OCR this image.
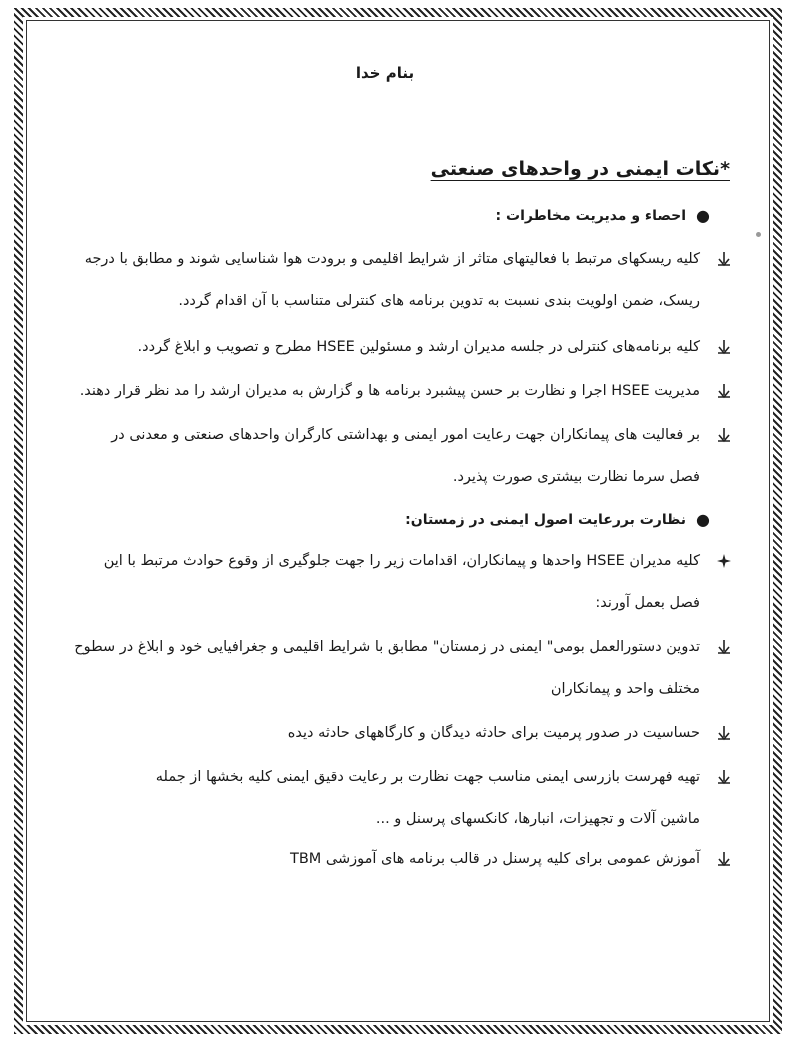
بنام خدا
*نکات ایمنی در واحدهای صنعتی
●
احصاء و مدیریت مخاطرات :

کلیه ریسکهای مرتبط با فعالیتهای متاثر از شرایط اقلیمی و برودت هوا شناسایی شوند و مطابق با درجه

ریسک، ضمن اولویت بندی نسبت به تدوین برنامه های کنترلی متناسب با آن اقدام گردد.

کلیه برنامه‌های کنترلی در جلسه مدیران ارشد و مسئولین HSEE مطرح و تصویب و ابلاغ گردد.

مدیریت HSEE اجرا و نظارت بر حسن پیشبرد برنامه ها و گزارش به مدیران ارشد را مد نظر قرار دهند.

بر فعالیت های پیمانکاران جهت رعایت امور ایمنی و بهداشتی کارگران واحدهای صنعتی و معدنی در

فصل سرما نظارت بیشتری صورت پذیرد.

●
نظارت بررعایت اصول ایمنی در زمستان:

کلیه مدیران HSEE واحدها و پیمانکاران، اقدامات زیر را جهت جلوگیری از وقوع حوادث مرتبط با این

فصل بعمل آورند:

تدوین دستورالعمل بومی" ایمنی در زمستان" مطابق با شرایط اقلیمی و جغرافیایی خود و ابلاغ در سطوح

مختلف واحد و پیمانکاران

حساسیت در صدور پرمیت برای حادثه دیدگان و کارگاههای حادثه دیده

تهیه فهرست بازرسی ایمنی مناسب جهت نظارت بر رعایت دقیق ایمنی کلیه بخشها از جمله

ماشین آلات و تجهیزات، انبارها، کانکسهای پرسنل و ...

آموزش عمومی برای کلیه پرسنل در قالب برنامه های آموزشی TBM
